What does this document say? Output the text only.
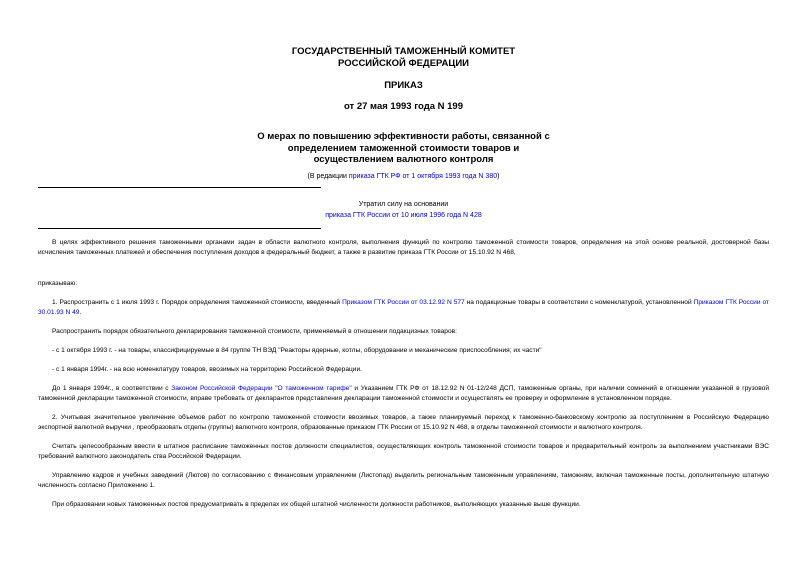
ГОСУДАРСТВЕННЫЙ ТАМОЖЕННЫЙ КОМИТЕТ
РОССИЙСКОЙ ФЕДЕРАЦИИ
ПРИКАЗ
от 27 мая 1993 года N 199
О мерах по повышению эффективности работы, связанной с определением таможенной стоимости товаров и осуществлением валютного контроля
(В редакции приказа ГТК РФ от 1 октября 1993 года N 380)
Утратил силу на основании
приказа ГТК России от 10 июля 1996 года N 428

В целях эффективного решения таможенными органами задач в области валютного контроля, выполнения функций по контролю таможенной стоимости товаров, определения на этой основе реальной, достоверной базы исчисления таможенных платежей и обеспечения поступления доходов в федеральный бюджет, а также в развитие приказа ГТК России от 15.10.92 N 468,

приказываю:

1. Распространить с 1 июля 1993 г. Порядок определения таможенной стоимости, введенный Приказом ГТК России от 03.12.92 N 577 на подакцизные товары в соответствии с номенклатурой, установленной Приказом ГТК России от 30.01.93 N 49.

Распространить порядок обязательного декларирования таможенной стоимости, применяемый в отношении подакцизных товаров:

- с 1 октября 1993 г. - на товары, классифицируемые в 84 группе ТН ВЭД "Реакторы ядерные, котлы, оборудование и механические приспособления; их части"

- с 1 января 1994г. - на всю номенклатуру товаров, ввозимых на территорию Российской Федерации.

До 1 января 1994г., в соответствии с Законом Российской Федерации "О таможенном тарифе" и Указанием ГТК РФ от 18.12.92 N 01-12/248 ДСП, таможенные органы, при наличии сомнений в отношении указанной в грузовой таможенной декларации таможенной стоимости, вправе требовать от декларантов представления декларации таможенной стоимости и осуществлять ее проверку и оформление в установленном порядке.

2. Учитывая значительное увеличение объемов работ по контролю таможенной стоимости ввозимых товаров, а также планируемый переход к таможенно-банковскому контролю за поступлением в Российскую Федерацию экспортной валютной выручки , преобразовать отделы (группы) валютного контроля, образованные приказом ГТК России от 15.10.92 N 468, в отделы таможенной стоимости и валютного контроля.

Считать целесообразным ввести в штатное расписание таможенных постов должности специалистов, осуществляющих контроль таможенной стоимости товаров и предварительный контроль за выполнением участниками ВЭС требований валютного законодатель ства Российской Федерации.

Управлению кадров и учебных заведений (Лютов) по согласованию с Финансовым управлением (Листопад) выделить региональным таможенным управлениям, таможням, включая таможенные посты, дополнительную штатную численность согласно Приложению 1.

При образовании новых таможенных постов предусматривать в пределах их общей штатной численности должности работников, выполняющих указанные выше функции.
